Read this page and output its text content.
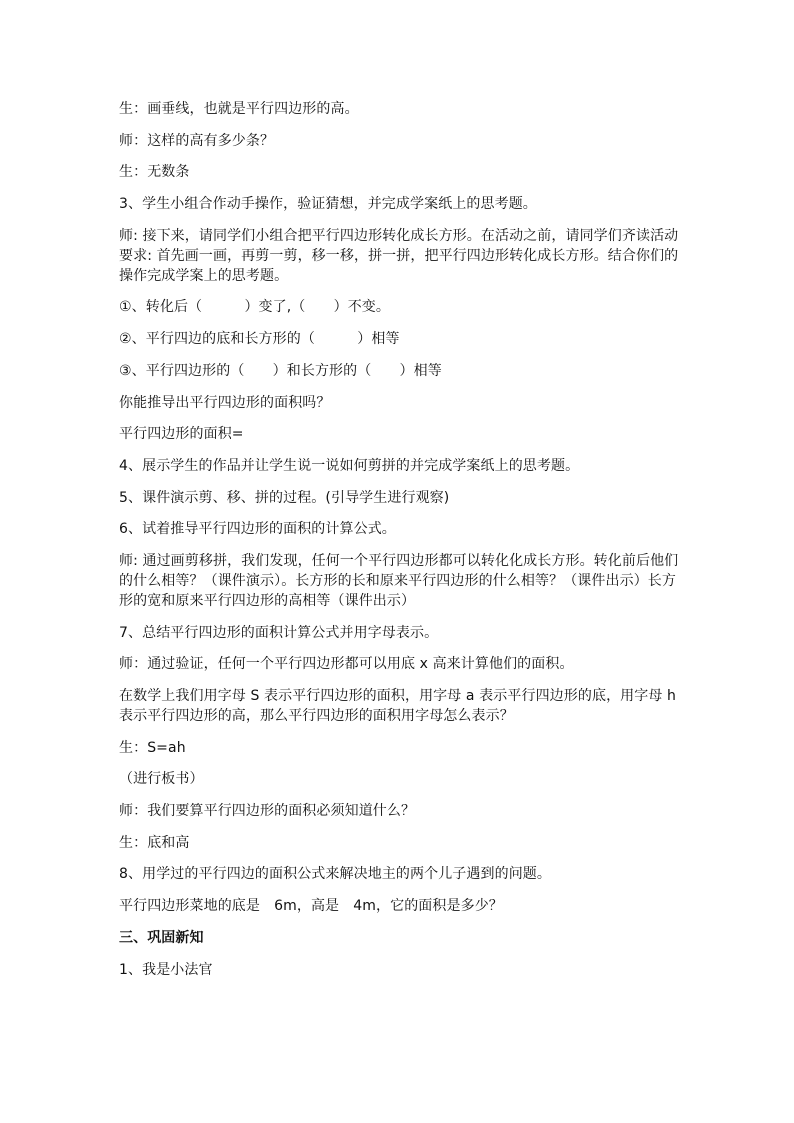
生：画垂线，也就是平行四边形的高。

师：这样的高有多少条？

生：无数条

3、学生小组合作动手操作，验证猜想，并完成学案纸上的思考题。

师: 接下来，请同学们小组合把平行四边形转化成长方形。在活动之前，请同学们齐读活动要求: 首先画一画，再剪一剪，移一移，拼一拼，把平行四边形转化成长方形。结合你们的操作完成学案上的思考题。

①、转化后（　　　）变了,（　　）不变。

②、平行四边的底和长方形的（　　　）相等

③、平行四边形的（　　）和长方形的（　　）相等

你能推导出平行四边形的面积吗？

平行四边形的面积=

4、展示学生的作品并让学生说一说如何剪拼的并完成学案纸上的思考题。

5、课件演示剪、移、拼的过程。(引导学生进行观察)

6、试着推导平行四边形的面积的计算公式。

师: 通过画剪移拼，我们发现，任何一个平行四边形都可以转化化成长方形。转化前后他们的什么相等？（课件演示）。长方形的长和原来平行四边形的什么相等？（课件出示）长方形的宽和原来平行四边形的高相等（课件出示）

7、总结平行四边形的面积计算公式并用字母表示。

师：通过验证，任何一个平行四边形都可以用底 x 高来计算他们的面积。

在数学上我们用字母 S 表示平行四边形的面积，用字母 a 表示平行四边形的底，用字母 h 表示平行四边形的高，那么平行四边形的面积用字母怎么表示？

生：S=ah

（进行板书）

师：我们要算平行四边形的面积必须知道什么？

生：底和高

8、用学过的平行四边的面积公式来解决地主的两个儿子遇到的问题。

平行四边形菜地的底是　6m，高是　4m，它的面积是多少？

三、巩固新知

1、我是小法官
